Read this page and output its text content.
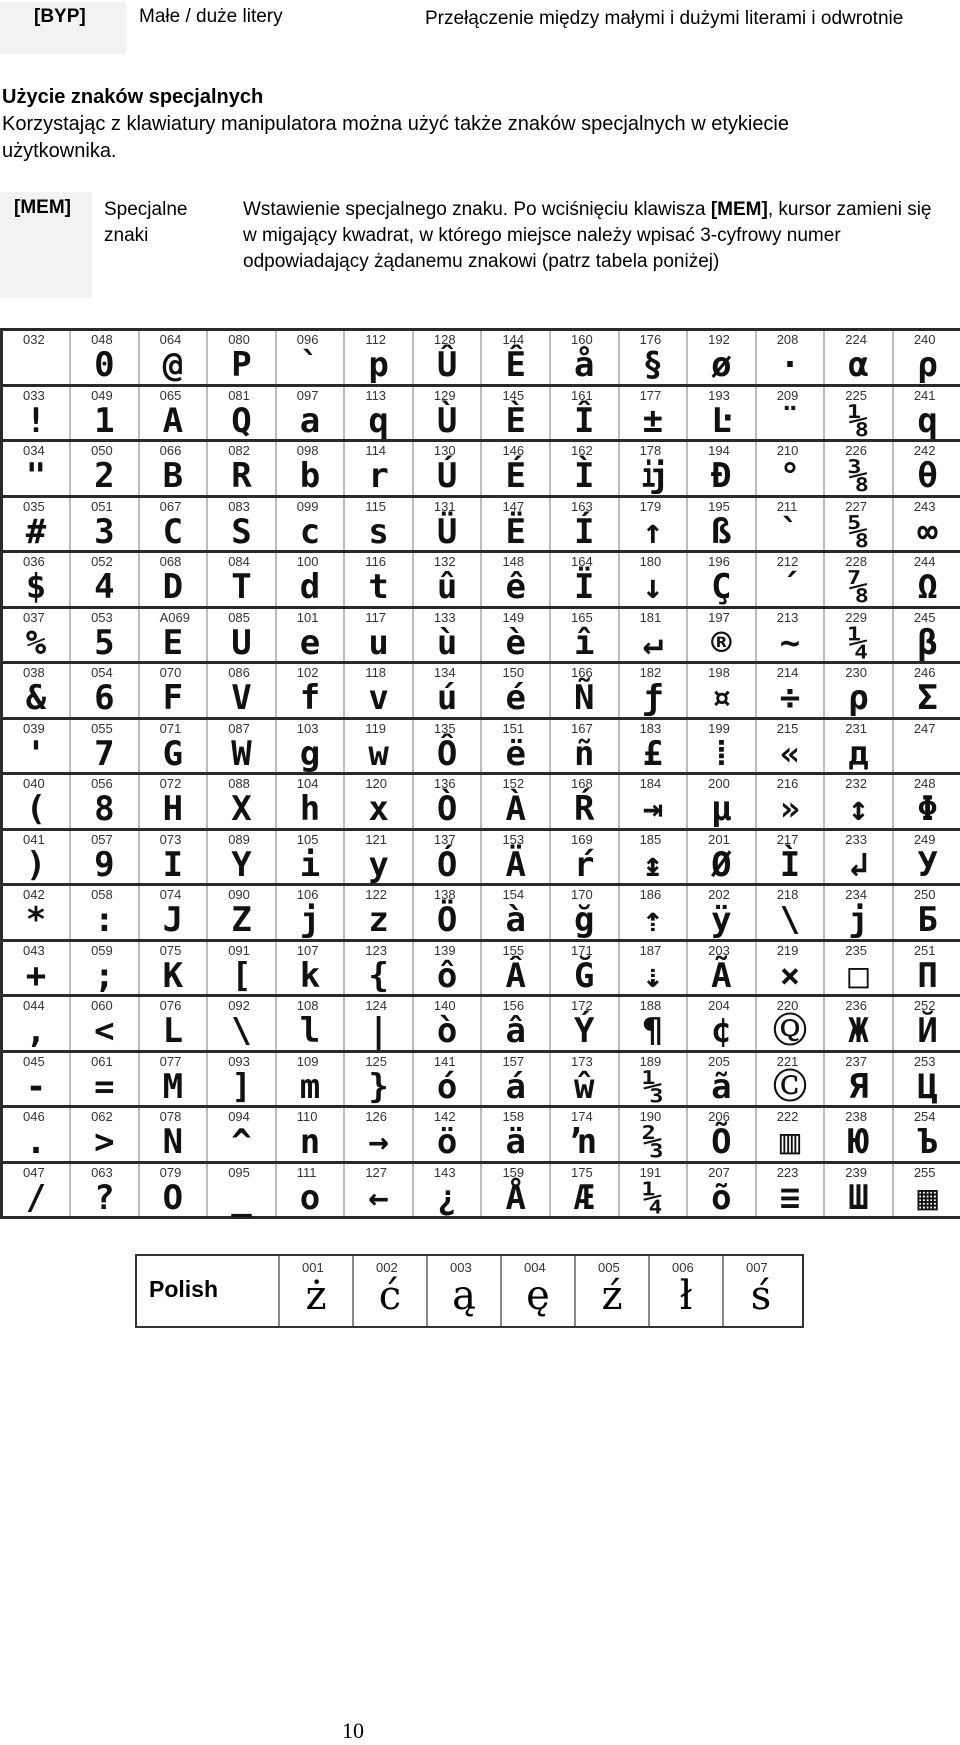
[BYP]	Małe / duże litery	Przełączenie między małymi i dużymi literami i odwrotnie
Użycie znaków specjalnych

Korzystając z klawiatury manipulatora można użyć także znaków specjalnych w etykiecie użytkownika.

[MEM]	Specjalne znaki
Wstawienie specjalnego znaku. Po wciśnięciu klawisza [MEM], kursor zamieni się w migający kwadrat, w którego miejsce należy wpisać 3-cyfrowy numer odpowiadający żądanemu znakowi (patrz tabela poniżej)
032	048
0	064
@	080
P	096
`	112
p	128
Û	144
Ê	160
å	176
§	192
ø	208
·	224
α	240
ρ

033
!	049
1	065
A	081
Q	097
a	113
q	129
Ù	145
È	161
Î	177
±	193
Ŀ	209
¨	225
⅛	241
q

034
"	050
2	066
B	082
R	098
b	114
r	130
Ú	146
É	162
Ì	178
ĳ	194
Ð	210
°	226
⅜	242
θ

035
#	051
3	067
C	083
S	099
c	115
s	131
Ü	147
Ë	163
Í	179
↑	195
ß	211
`	227
⅝	243
∞

036
$	052
4	068
D	084
T	100
d	116
t	132
û	148
ê	164
Ï	180
↓	196
Ç	212
´	228
⅞	244
Ω

037
%	053
5	A069
E	085
U	101
e	117
u	133
ù	149
è	165
î	181
↵	197
®	213
~	229
¼	245
β

038
&	054
6	070
F	086
V	102
f	118
v	134
ú	150
é	166
Ñ	182
ƒ	198
¤	214
÷	230
ρ	246
Σ

039
'	055
7	071
G	087
W	103
g	119
w	135
Ô	151
ë	167
ñ	183
£	199
⁞	215
«	231
д	247

040
(	056
8	072
H	088
X	104
h	120
x	136
Ò	152
À	168
Ŕ	184
⇥	200
µ	216
»	232
↕	248
Φ

041
)	057
9	073
I	089
Y	105
i	121
y	137
Ó	153
Ä	169
ŕ	185
↨	201
Ø	217
Ì	233
↲	249
У

042
*	058
:	074
J	090
Z	106
j	122
z	138
Ö	154
à	170
ğ	186
⇡	202
ÿ	218
\	234
ј	250
Б

043
+	059
;	075
K	091
[	107
k	123
{	139
ô	155
Â	171
Ğ	187
⇣	203
Ã	219
×	235
□	251
Π

044
,	060
<	076
L	092
\	108
l	124
|	140
ò	156
â	172
Ý	188
¶	204
¢	220
Ⓠ	236
Ж	252
Й

045
-	061
=	077
M	093
]	109
m	125
}	141
ó	157
á	173
ŵ	189
⅓	205
ã	221
Ⓒ	237
Я	253
Ц

046
.	062
>	078
N	094
^	110
n	126
→	142
ö	158
ä	174
ŉ	190
⅔	206
Õ	222
▥	238
Ю	254
Ъ

047
/	063
?	079
O	095
_	111
o	127
←	143
¿	159
Å	175
Æ	191
¼	207
õ	223
≡	239
Ш	255
▦
Polish
001
ż
002
ć
003
ą
004
ę
005
ź
006
ł
007
ś
10
